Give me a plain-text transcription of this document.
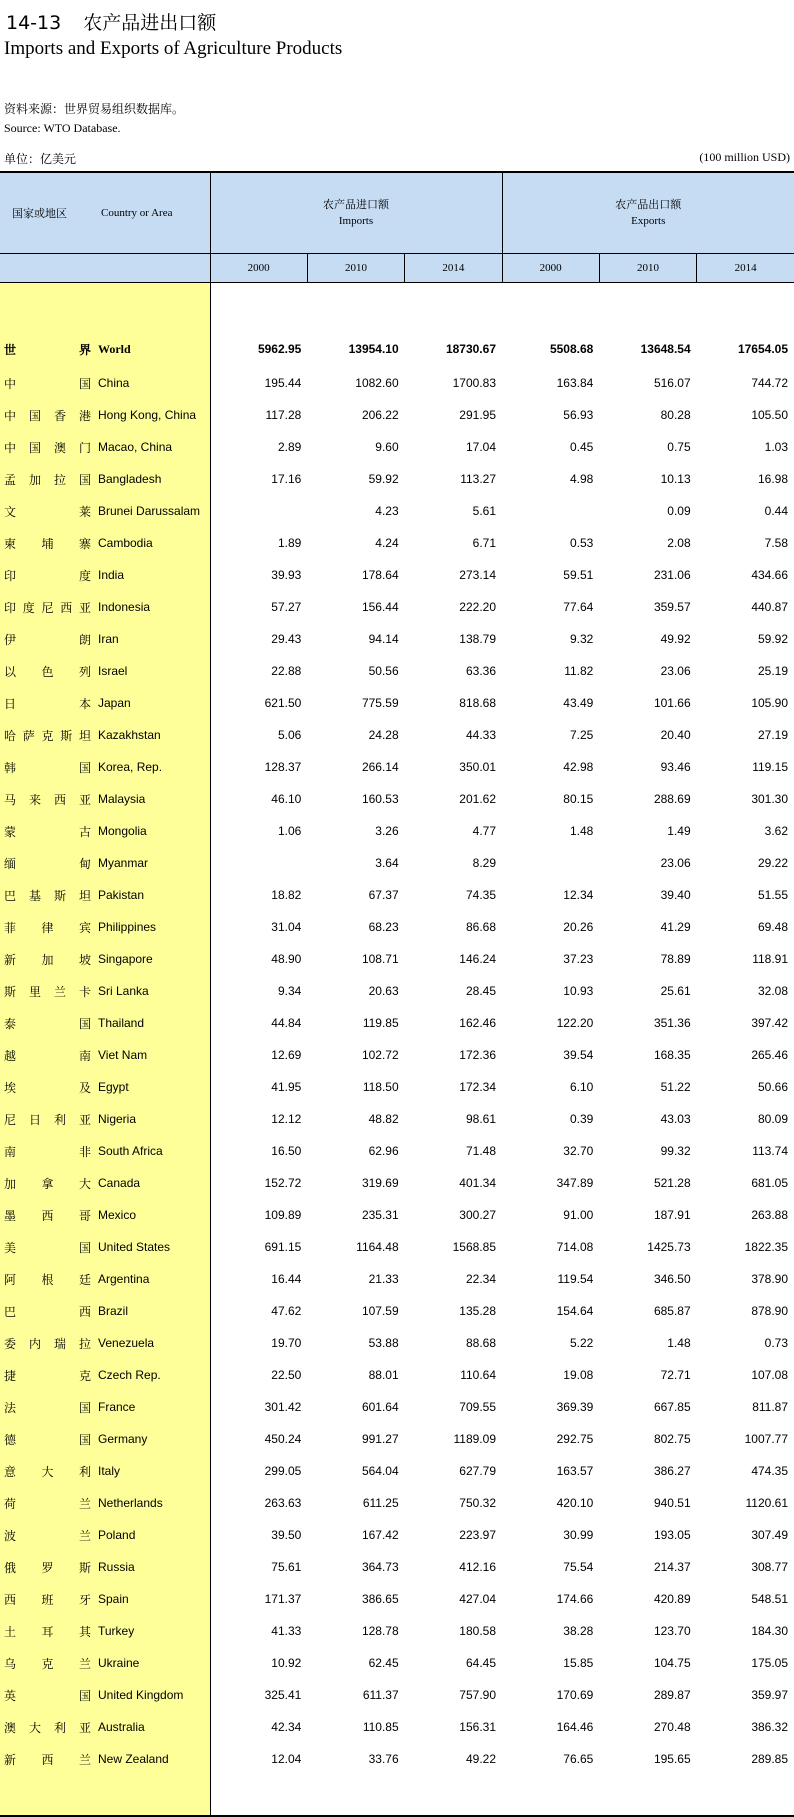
14-13 农产品进出口额
Imports and Exports of Agriculture Products
资料来源：世界贸易组织数据库。
Source: WTO Database.
单位：亿美元	(100 million USD)
国家或地区	Country or Area	农产品进口额
Imports			农产品出口额
Exports		

		2000	2010	2014	2000	2010	2014

世界	World	5962.95	13954.10	18730.67	5508.68	13648.54	17654.05
中国	China	195.44	1082.60	1700.83	163.84	516.07	744.72
中国香港	Hong Kong, China	117.28	206.22	291.95	56.93	80.28	105.50
中国澳门	Macao, China	2.89	9.60	17.04	0.45	0.75	1.03
孟加拉国	Bangladesh	17.16	59.92	113.27	4.98	10.13	16.98
文莱	Brunei Darussalam		4.23	5.61		0.09	0.44
柬埔寨	Cambodia	1.89	4.24	6.71	0.53	2.08	7.58
印度	India	39.93	178.64	273.14	59.51	231.06	434.66
印度尼西亚	Indonesia	57.27	156.44	222.20	77.64	359.57	440.87
伊朗	Iran	29.43	94.14	138.79	9.32	49.92	59.92
以色列	Israel	22.88	50.56	63.36	11.82	23.06	25.19
日本	Japan	621.50	775.59	818.68	43.49	101.66	105.90
哈萨克斯坦	Kazakhstan	5.06	24.28	44.33	7.25	20.40	27.19
韩国	Korea, Rep.	128.37	266.14	350.01	42.98	93.46	119.15
马来西亚	Malaysia	46.10	160.53	201.62	80.15	288.69	301.30
蒙古	Mongolia	1.06	3.26	4.77	1.48	1.49	3.62
缅甸	Myanmar		3.64	8.29		23.06	29.22
巴基斯坦	Pakistan	18.82	67.37	74.35	12.34	39.40	51.55
菲律宾	Philippines	31.04	68.23	86.68	20.26	41.29	69.48
新加坡	Singapore	48.90	108.71	146.24	37.23	78.89	118.91
斯里兰卡	Sri Lanka	9.34	20.63	28.45	10.93	25.61	32.08
泰国	Thailand	44.84	119.85	162.46	122.20	351.36	397.42
越南	Viet Nam	12.69	102.72	172.36	39.54	168.35	265.46
埃及	Egypt	41.95	118.50	172.34	6.10	51.22	50.66
尼日利亚	Nigeria	12.12	48.82	98.61	0.39	43.03	80.09
南非	South Africa	16.50	62.96	71.48	32.70	99.32	113.74
加拿大	Canada	152.72	319.69	401.34	347.89	521.28	681.05
墨西哥	Mexico	109.89	235.31	300.27	91.00	187.91	263.88
美国	United States	691.15	1164.48	1568.85	714.08	1425.73	1822.35
阿根廷	Argentina	16.44	21.33	22.34	119.54	346.50	378.90
巴西	Brazil	47.62	107.59	135.28	154.64	685.87	878.90
委内瑞拉	Venezuela	19.70	53.88	88.68	5.22	1.48	0.73
捷克	Czech Rep.	22.50	88.01	110.64	19.08	72.71	107.08
法国	France	301.42	601.64	709.55	369.39	667.85	811.87
德国	Germany	450.24	991.27	1189.09	292.75	802.75	1007.77
意大利	Italy	299.05	564.04	627.79	163.57	386.27	474.35
荷兰	Netherlands	263.63	611.25	750.32	420.10	940.51	1120.61
波兰	Poland	39.50	167.42	223.97	30.99	193.05	307.49
俄罗斯	Russia	75.61	364.73	412.16	75.54	214.37	308.77
西班牙	Spain	171.37	386.65	427.04	174.66	420.89	548.51
土耳其	Turkey	41.33	128.78	180.58	38.28	123.70	184.30
乌克兰	Ukraine	10.92	62.45	64.45	15.85	104.75	175.05
英国	United Kingdom	325.41	611.37	757.90	170.69	289.87	359.97
澳大利亚	Australia	42.34	110.85	156.31	164.46	270.48	386.32
新西兰	New Zealand	12.04	33.76	49.22	76.65	195.65	289.85
